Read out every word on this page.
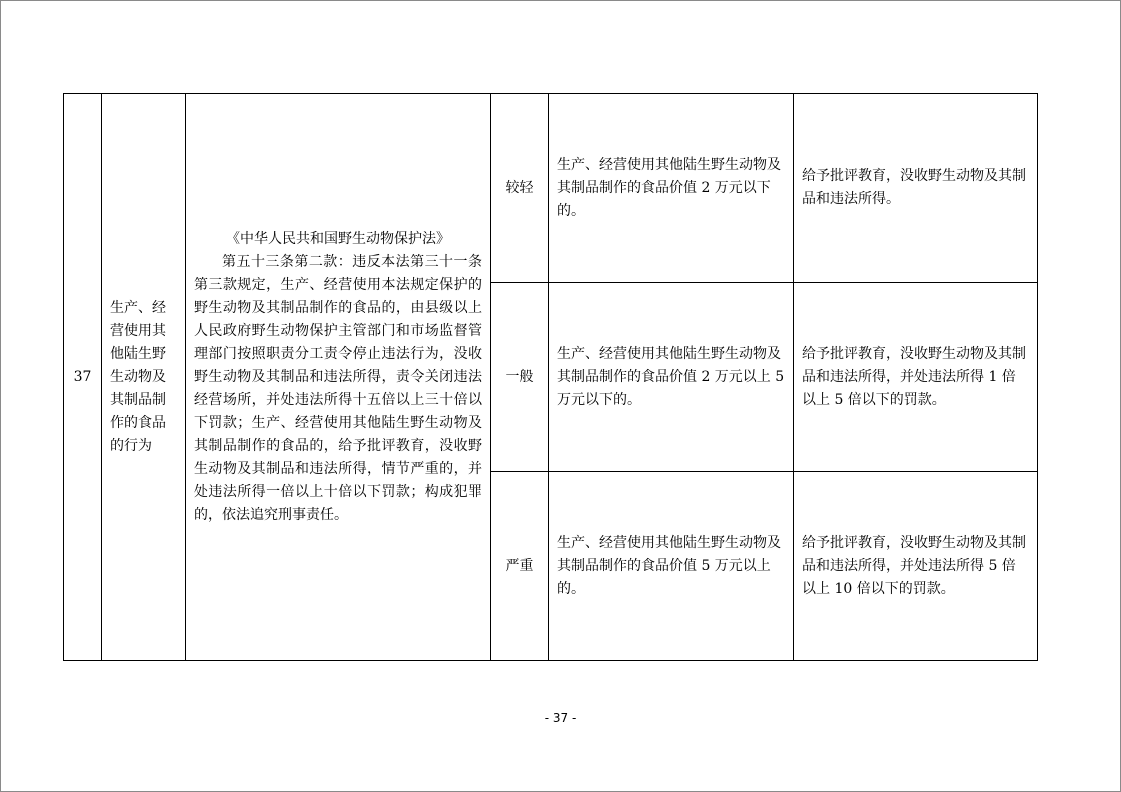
37	生产、经营使用其他陆生野生动物及其制品制作的食品的行为	《中华人民共和国野生动物保护法》
第五十三条第二款：违反本法第三十一条第三款规定，生产、经营使用本法规定保护的野生动物及其制品制作的食品的，由县级以上人民政府野生动物保护主管部门和市场监督管理部门按照职责分工责令停止违法行为，没收野生动物及其制品和违法所得，责令关闭违法经营场所，并处违法所得十五倍以上三十倍以下罚款；生产、经营使用其他陆生野生动物及其制品制作的食品的，给予批评教育，没收野生动物及其制品和违法所得，情节严重的，并处违法所得一倍以上十倍以下罚款；构成犯罪的，依法追究刑事责任。	较轻	生产、经营使用其他陆生野生动物及其制品制作的食品价值 2 万元以下的。	给予批评教育，没收野生动物及其制品和违法所得。
			一般	生产、经营使用其他陆生野生动物及其制品制作的食品价值 2 万元以上 5 万元以下的。	给予批评教育，没收野生动物及其制品和违法所得，并处违法所得 1 倍以上 5 倍以下的罚款。
			严重	生产、经营使用其他陆生野生动物及其制品制作的食品价值 5 万元以上的。	给予批评教育，没收野生动物及其制品和违法所得，并处违法所得 5 倍以上 10 倍以下的罚款。
- 37 -
